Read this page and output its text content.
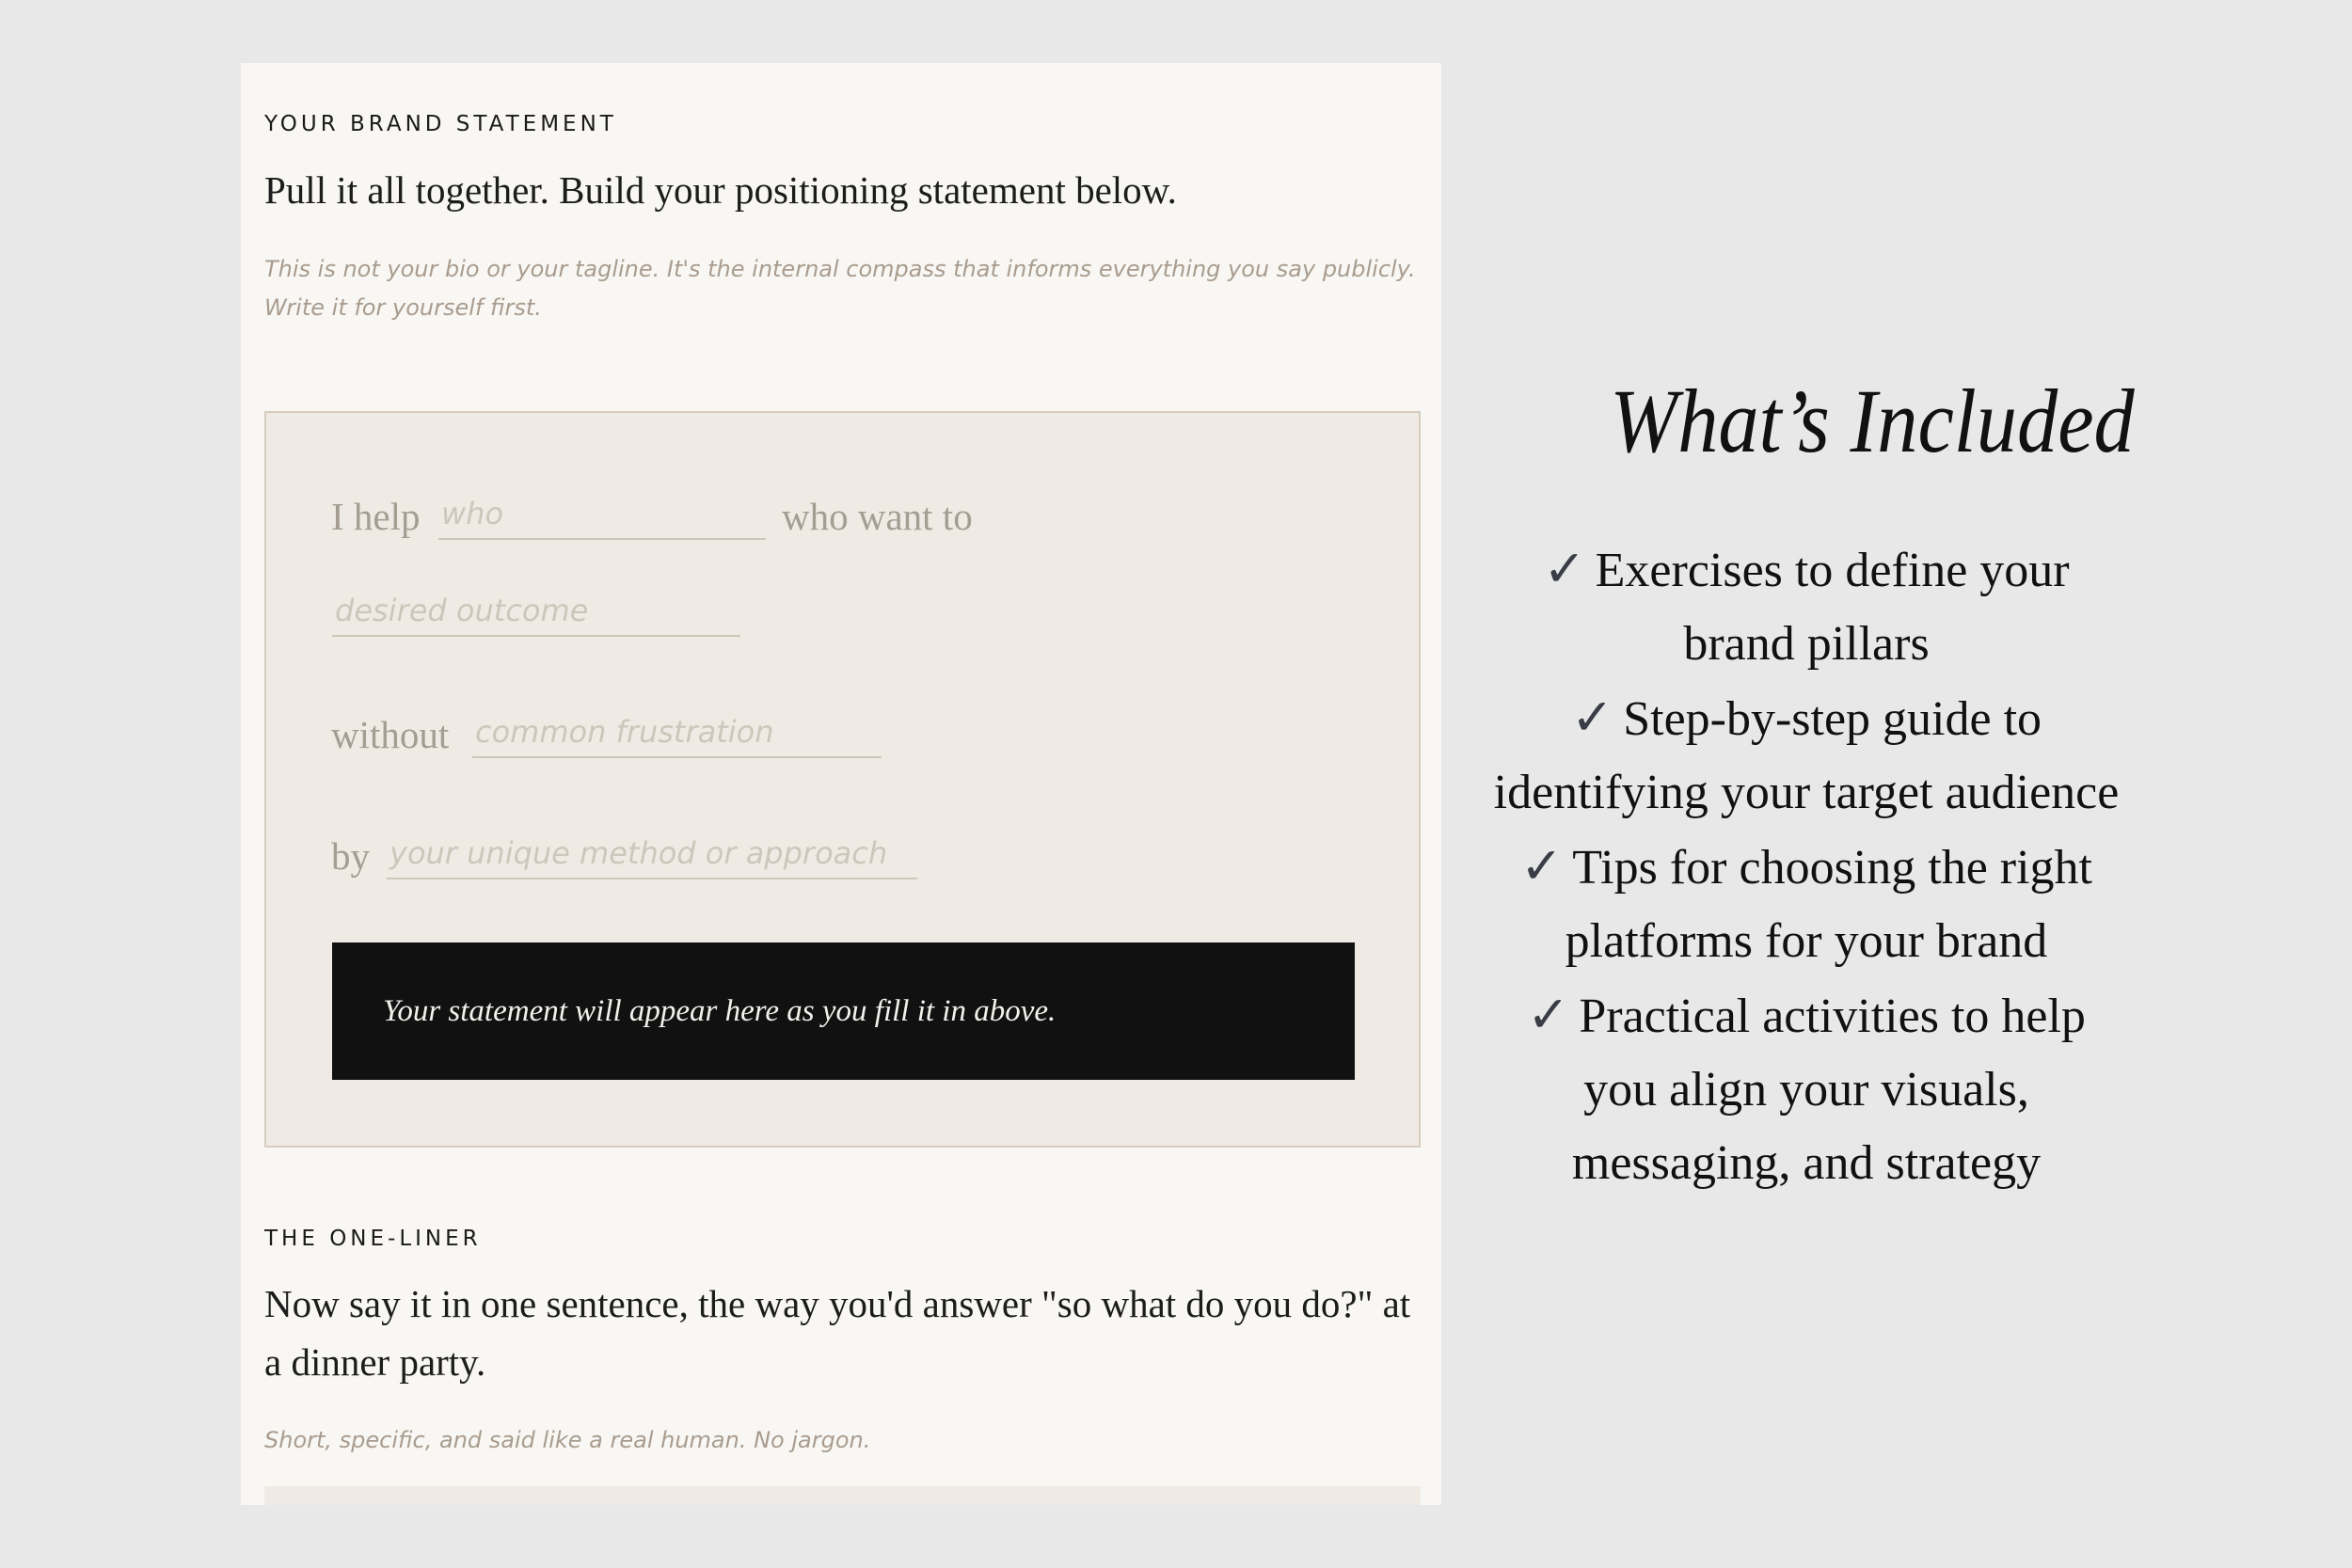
YOUR BRAND STATEMENT
Pull it all together. Build your positioning statement below.
This is not your bio or your tagline. It's the internal compass that informs everything you say publicly.
Write it for yourself first.
I help who	who want to
desired outcome
without common frustration
by your unique method or approach
Your statement will appear here as you fill it in above.
THE ONE-LINER
Now say it in one sentence, the way you'd answer "so what do you do?" at
a dinner party.
Short, specific, and said like a real human. No jargon.
What’s Included
✓ Exercises to define your
brand pillars
✓ Step-by-step guide to
identifying your target audience
✓ Tips for choosing the right
platforms for your brand
✓ Practical activities to help
you align your visuals,
messaging, and strategy
